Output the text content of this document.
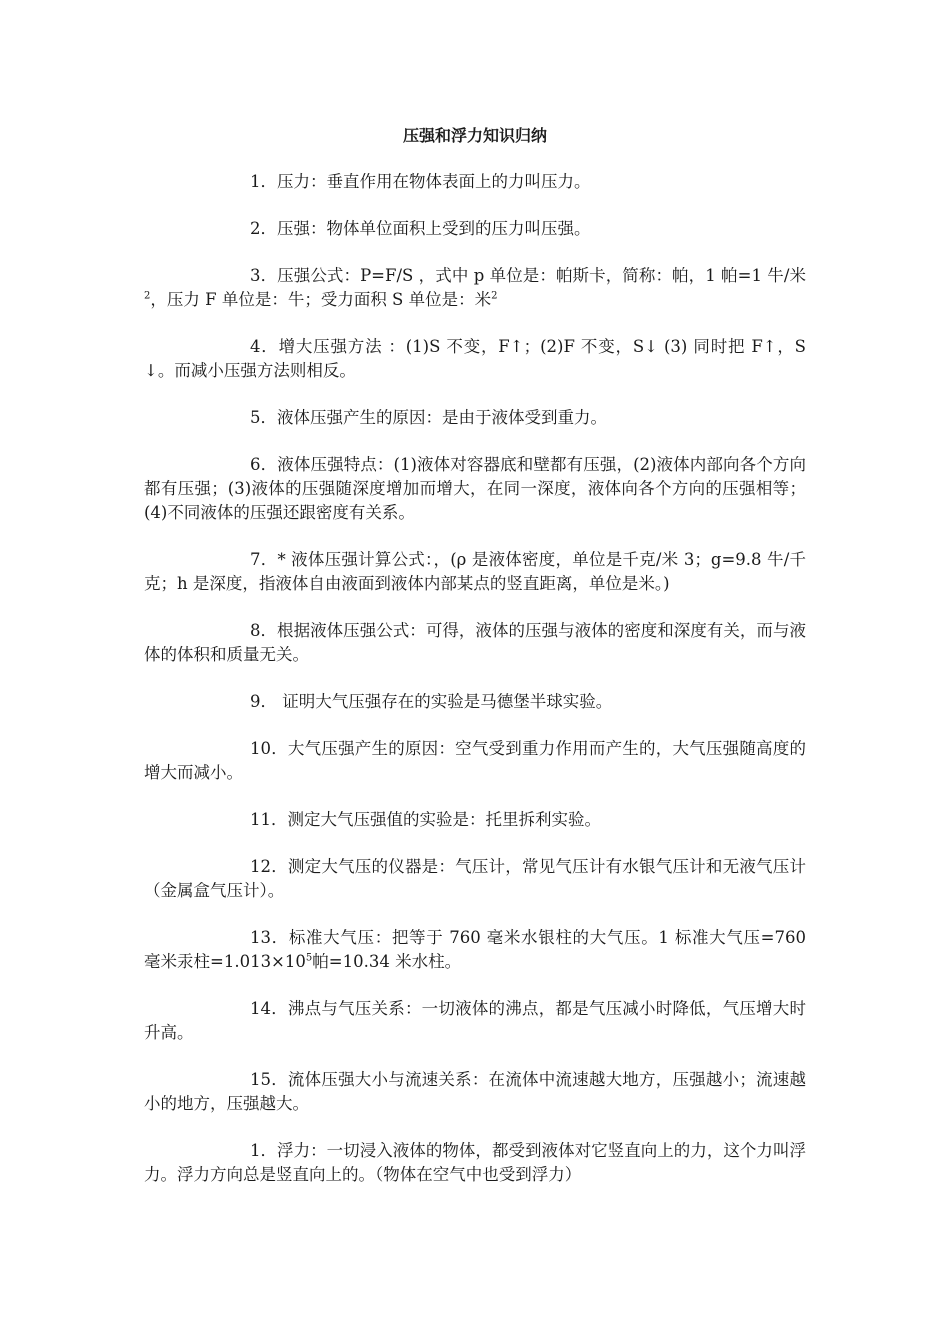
压强和浮力知识归纳

1．压力：垂直作用在物体表面上的力叫压力。

2．压强：物体单位面积上受到的压力叫压强。

3．压强公式：P=F/S ，式中 p 单位是：帕斯卡，简称：帕，1 帕=1 牛/米$^2$，压力 F 单位是：牛；受力面积 S 单位是：米$^2$

4．增大压强方法 ：(1)S 不变，F↑；(2)F 不变，S↓ (3) 同时把 F↑，S↓。而减小压强方法则相反。

5．液体压强产生的原因：是由于液体受到重力。

6．液体压强特点：(1)液体对容器底和壁都有压强，(2)液体内部向各个方向都有压强；(3)液体的压强随深度增加而增大，在同一深度，液体向各个方向的压强相等；(4)不同液体的压强还跟密度有关系。

7．* 液体压强计算公式：，(ρ 是液体密度，单位是千克/米 3；g=9.8 牛/千克；h 是深度，指液体自由液面到液体内部某点的竖直距离，单位是米。)

8．根据液体压强公式：可得，液体的压强与液体的密度和深度有关，而与液体的体积和质量无关。

9． 证明大气压强存在的实验是马德堡半球实验。

10．大气压强产生的原因：空气受到重力作用而产生的，大气压强随高度的增大而减小。

11．测定大气压强值的实验是：托里拆利实验。

12．测定大气压的仪器是：气压计，常见气压计有水银气压计和无液气压计（金属盒气压计）。

13．标准大气压：把等于 760 毫米水银柱的大气压。1 标准大气压=760 毫米汞柱$=1.013\times 10^5$帕=10.34 米水柱。

14．沸点与气压关系：一切液体的沸点，都是气压减小时降低，气压增大时升高。

15．流体压强大小与流速关系：在流体中流速越大地方，压强越小；流速越小的地方，压强越大。

1．浮力：一切浸入液体的物体，都受到液体对它竖直向上的力，这个力叫浮力。浮力方向总是竖直向上的。（物体在空气中也受到浮力）
